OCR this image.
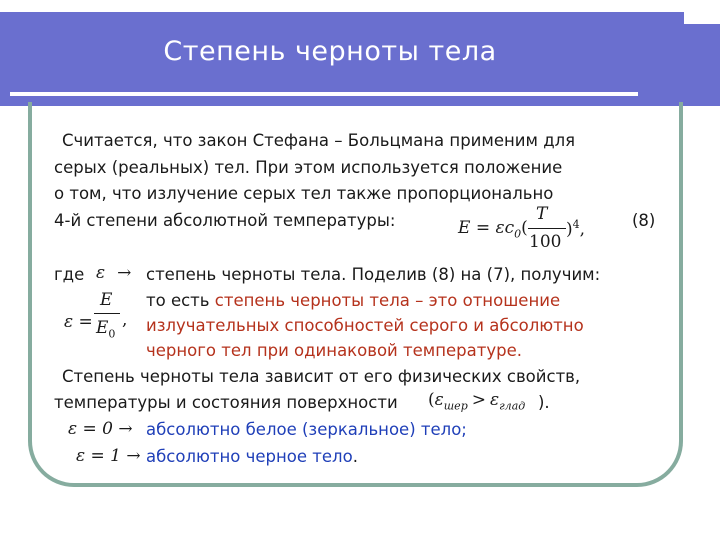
Степень черноты тела
Считается, что закон Стефана – Больцмана применим для
серых (реальных) тел. При этом используется положение
о том, что излучение серых тел также пропорционально
4-й степени абсолютной температуры:	$E = \varepsilon c_0$(
T
100
)$^4$,	(8)
где ε → степень черноты тела. Поделив (8) на (7), получим:
то есть степень черноты тела – это отношение
излучательных способностей серого и абсолютно
черного тел при одинаковой температуре.
ε =
E
$E_0$
,
Степень черноты тела зависит от его физических свойств,
температуры и состояния поверхности ($\varepsilon_{шер} > \varepsilon_{глад}$ ).
ε = 0 → абсолютно белое (зеркальное) тело;
ε = 1 → абсолютно черное тело.
